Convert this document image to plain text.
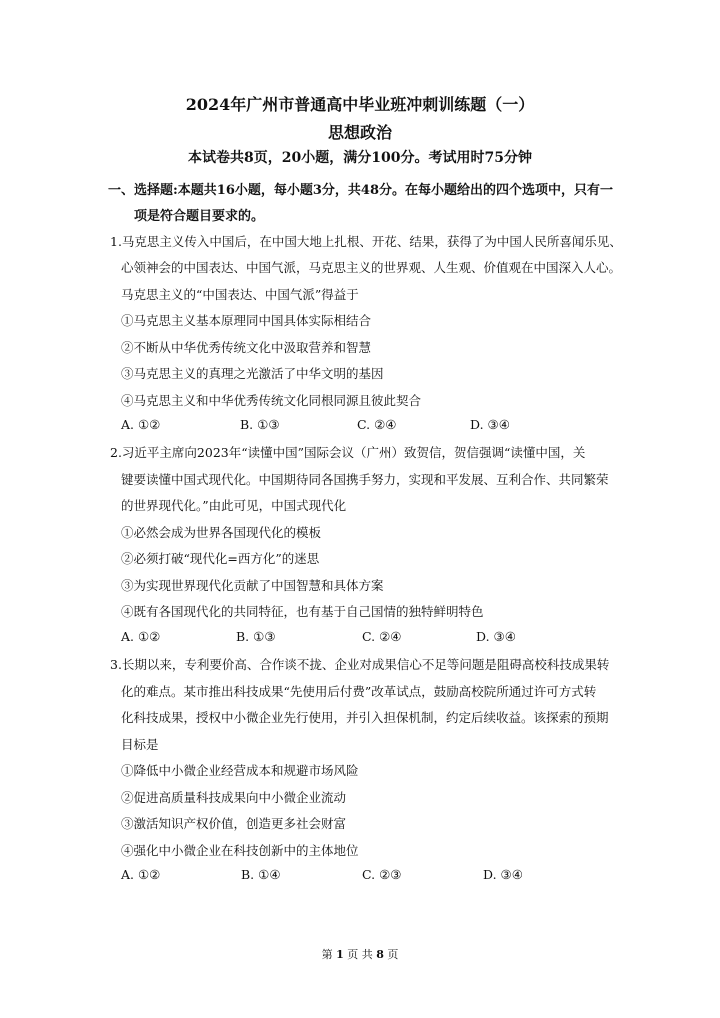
2024年广州市普通高中毕业班冲刺训练题（一）
思想政治
本试卷共8页，20小题，满分100分。考试用时75分钟
一、选择题:本题共16小题，每小题3分，共48分。在每小题给出的四个选项中，只有一
项是符合题目要求的。
1.马克思主义传入中国后，在中国大地上扎根、开花、结果，获得了为中国人民所喜闻乐见、
心领神会的中国表达、中国气派，马克思主义的世界观、人生观、价值观在中国深入人心。
马克思主义的“中国表达、中国气派”得益于
①马克思主义基本原理同中国具体实际相结合
②不断从中华优秀传统文化中汲取营养和智慧
③马克思主义的真理之光激活了中华文明的基因
④马克思主义和中华优秀传统文化同根同源且彼此契合
A. ①②	B. ①③	C. ②④	D. ③④
2.习近平主席向2023年“读懂中国”国际会议（广州）致贺信，贺信强调“读懂中国，关
键要读懂中国式现代化。中国期待同各国携手努力，实现和平发展、互利合作、共同繁荣
的世界现代化。”由此可见，中国式现代化
①必然会成为世界各国现代化的模板
②必须打破“现代化=西方化”的迷思
③为实现世界现代化贡献了中国智慧和具体方案
④既有各国现代化的共同特征，也有基于自己国情的独特鲜明特色
A. ①②	B. ①③	C. ②④	D. ③④
3.长期以来，专利要价高、合作谈不拢、企业对成果信心不足等问题是阻碍高校科技成果转
化的难点。某市推出科技成果“先使用后付费”改革试点，鼓励高校院所通过许可方式转
化科技成果，授权中小微企业先行使用，并引入担保机制，约定后续收益。该探索的预期
目标是
①降低中小微企业经营成本和规避市场风险
②促进高质量科技成果向中小微企业流动
③激活知识产权价值，创造更多社会财富
④强化中小微企业在科技创新中的主体地位
A. ①②	B. ①④	C. ②③	D. ③④
第 1 页 共 8 页
